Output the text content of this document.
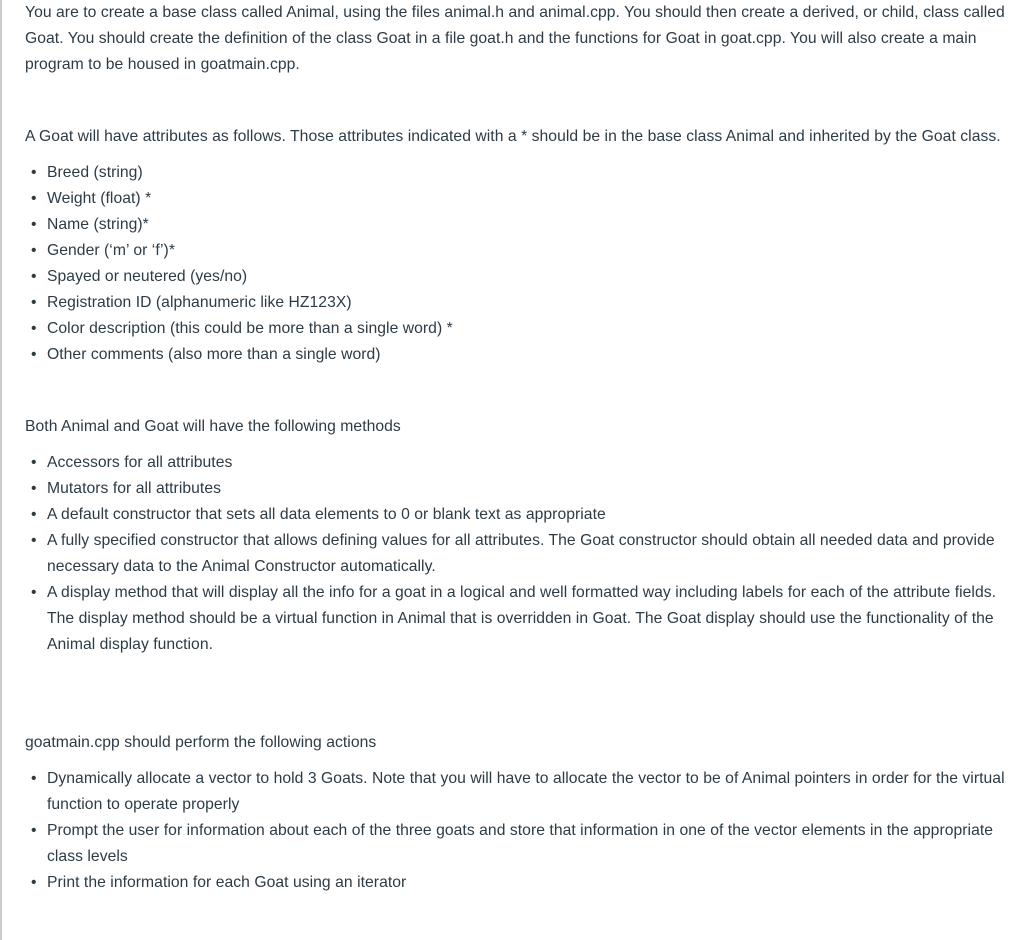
You are to create a base class called Animal, using the files animal.h and animal.cpp. You should then create a derived, or child, class called Goat. You should create the definition of the class Goat in a file goat.h and the functions for Goat in goat.cpp. You will also create a main program to be housed in goatmain.cpp.

A Goat will have attributes as follows. Those attributes indicated with a * should be in the base class Animal and inherited by the Goat class.

• Breed (string)
• Weight (float) *
• Name (string)*
• Gender (‘m’ or ‘f’)*
• Spayed or neutered (yes/no)
• Registration ID (alphanumeric like HZ123X)
• Color description (this could be more than a single word) *
• Other comments (also more than a single word)

Both Animal and Goat will have the following methods

• Accessors for all attributes
• Mutators for all attributes
• A default constructor that sets all data elements to 0 or blank text as appropriate
• A fully specified constructor that allows defining values for all attributes. The Goat constructor should obtain all needed data and provide necessary data to the Animal Constructor automatically.
• A display method that will display all the info for a goat in a logical and well formatted way including labels for each of the attribute fields. The display method should be a virtual function in Animal that is overridden in Goat. The Goat display should use the functionality of the Animal display function.

goatmain.cpp should perform the following actions

• Dynamically allocate a vector to hold 3 Goats. Note that you will have to allocate the vector to be of Animal pointers in order for the virtual function to operate properly
• Prompt the user for information about each of the three goats and store that information in one of the vector elements in the appropriate class levels
• Print the information for each Goat using an iterator
